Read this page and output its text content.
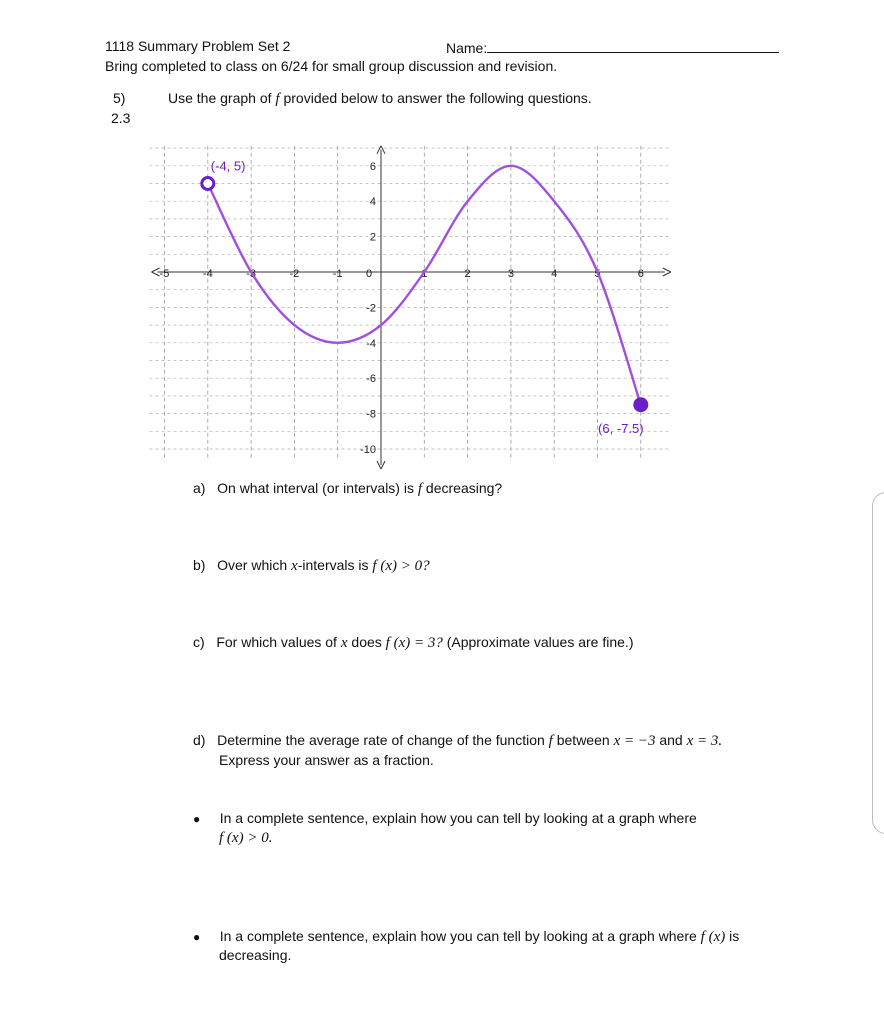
1118 Summary Problem Set 2	Name:
Bring completed to class on 6/24 for small group discussion and revision.
5)
2.3
Use the graph of f provided below to answer the following questions.
-5	-4	-3	-2	-1 0	1	2	3	4	5	6
-10
-8
-6
-4
-2
2
4
6
(-4, 5)
(6, -7.5)
a) On what interval (or intervals) is f decreasing?
b) Over which x-intervals is f (x) > 0?
c) For which values of x does f (x) = 3? (Approximate values are fine.)
d) Determine the average rate of change of the function f between x = −3 and x = 3.
Express your answer as a fraction.
● In a complete sentence, explain how you can tell by looking at a graph where
f (x) > 0.
● In a complete sentence, explain how you can tell by looking at a graph where f (x) is
decreasing.
